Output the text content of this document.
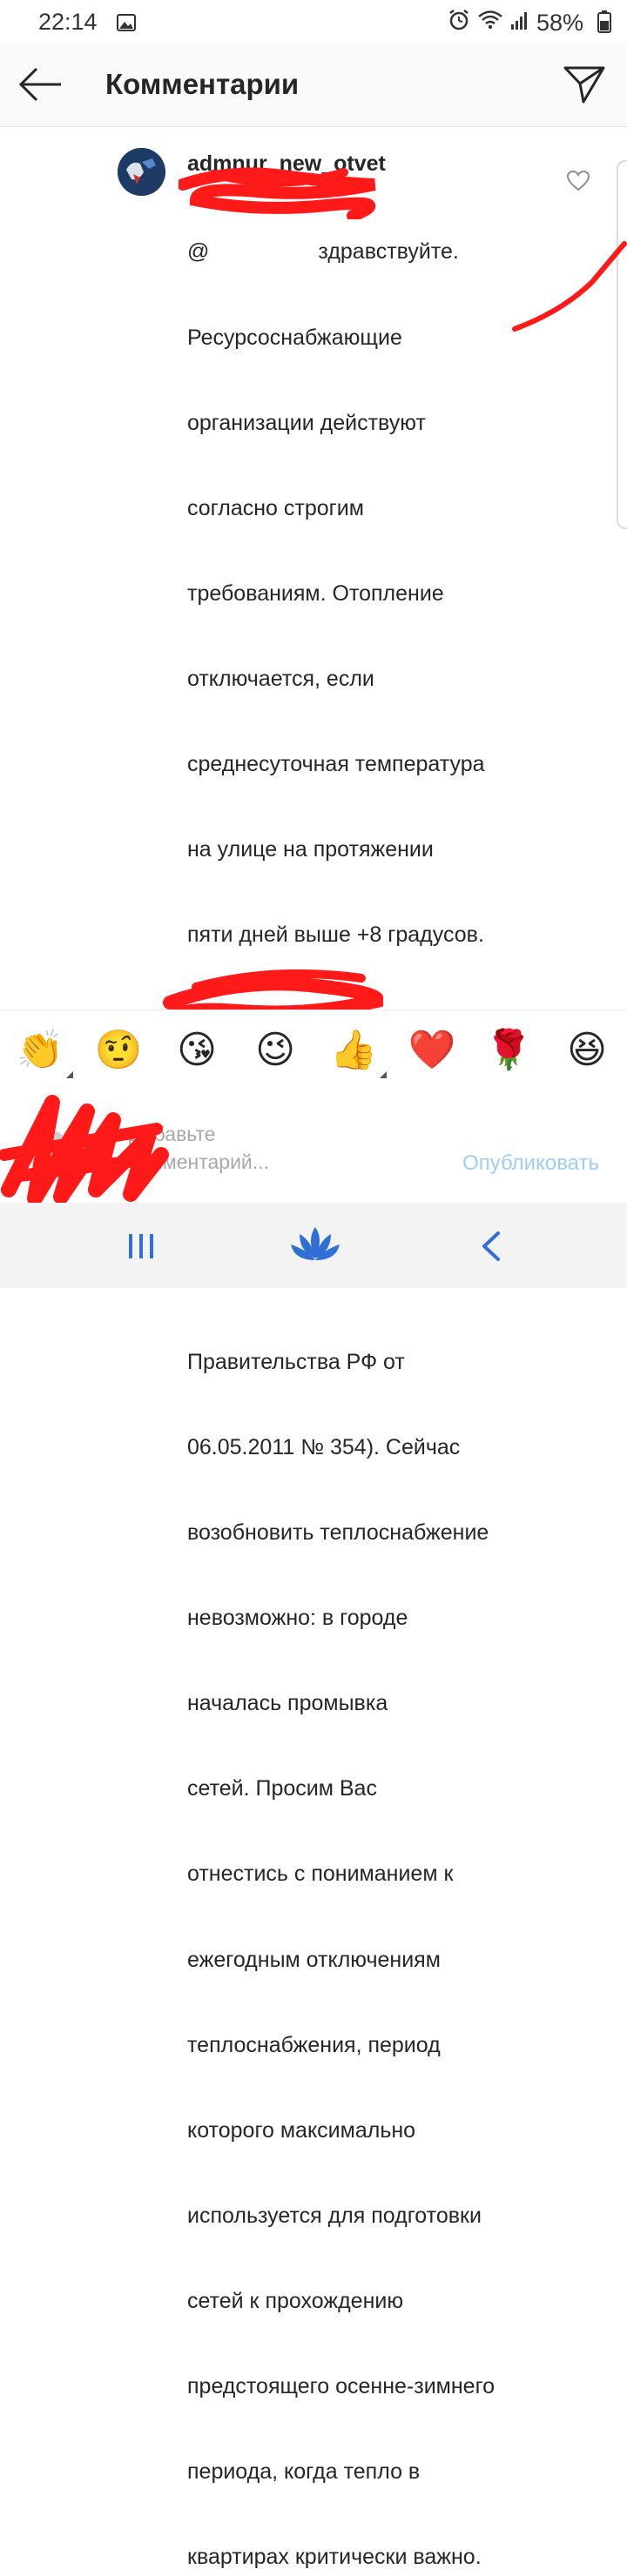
22:14	58%
Комментарии
admnur_new_otvet

@                  здравствуйте.

Ресурсоснабжающие

организации действуют

согласно строгим

требованиям. Отопление

отключается, если

среднесуточная температура

на улице на протяжении

пяти дней выше +8 градусов.

Правительства РФ от

06.05.2011 № 354). Сейчас

возобновить теплоснабжение

невозможно: в городе

началась промывка

сетей. Просим Вас

отнестись с пониманием к

ежегодным отключениям

теплоснабжения, период

которого максимально

используется для подготовки

сетей к прохождению

предстоящего осенне-зимнего

периода, когда тепло в

квартирах критически важно.

👏 🤨 😘 😉 👍 ❤️ 🌹 😆
Добавьте
комментарий...	Опубликовать
